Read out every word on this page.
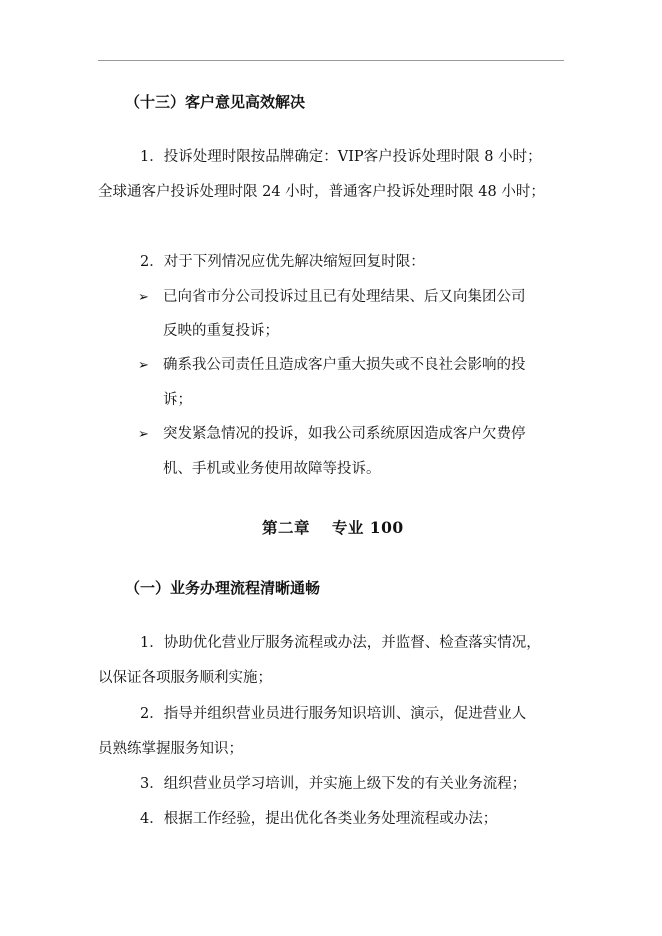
（十三）客户意见高效解决
1．投诉处理时限按品牌确定：VIP客户投诉处理时限 8 小时；
全球通客户投诉处理时限 24 小时，普通客户投诉处理时限 48 小时；
2．对于下列情况应优先解决缩短回复时限：
➢ 已向省市分公司投诉过且已有处理结果、后又向集团公司
反映的重复投诉；
➢ 确系我公司责任且造成客户重大损失或不良社会影响的投
诉；
➢ 突发紧急情况的投诉，如我公司系统原因造成客户欠费停
机、手机或业务使用故障等投诉。
第二章　 专业 100
（一）业务办理流程清晰通畅
1．协助优化营业厅服务流程或办法，并监督、检查落实情况，
以保证各项服务顺利实施；
2．指导并组织营业员进行服务知识培训、演示，促进营业人
员熟练掌握服务知识；
3．组织营业员学习培训，并实施上级下发的有关业务流程；
4．根据工作经验，提出优化各类业务处理流程或办法；
